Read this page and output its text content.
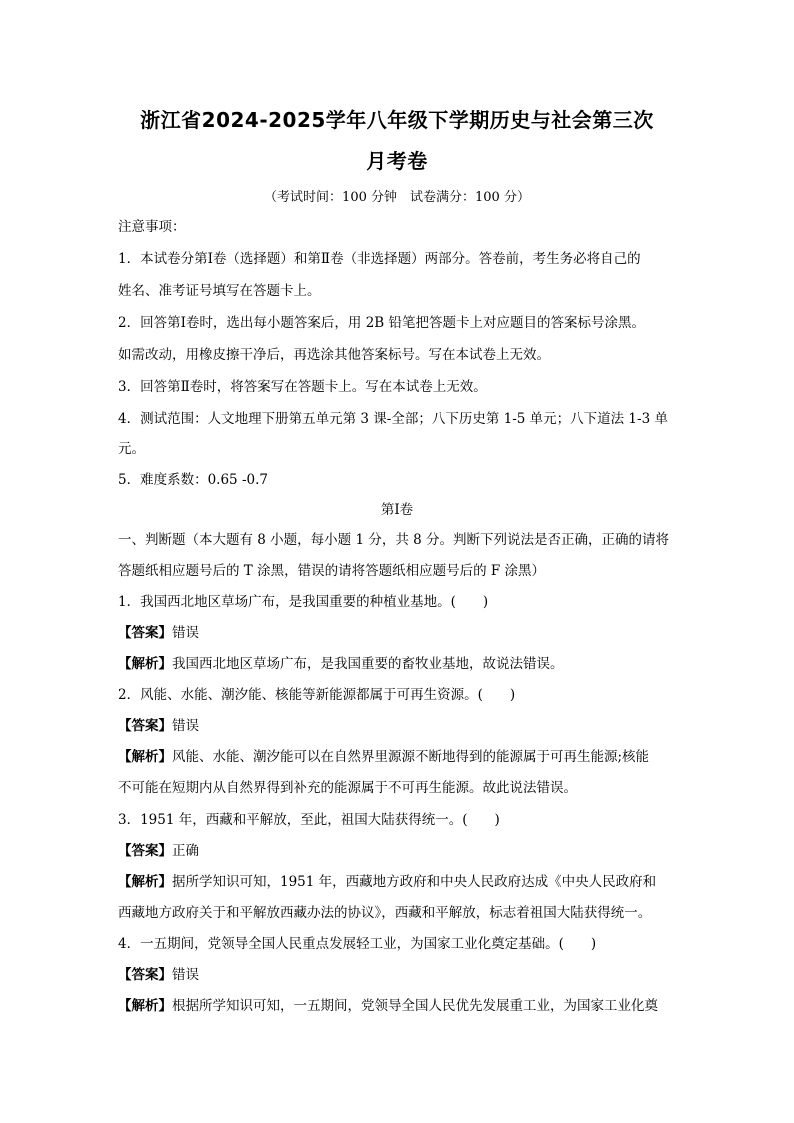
浙江省2024-2025学年八年级下学期历史与社会第三次
月考卷
（考试时间：100 分钟　试卷满分：100 分）
注意事项：
1．本试卷分第Ⅰ卷（选择题）和第Ⅱ卷（非选择题）两部分。答卷前，考生务必将自己的
姓名、准考证号填写在答题卡上。
2．回答第Ⅰ卷时，选出每小题答案后，用 2B 铅笔把答题卡上对应题目的答案标号涂黑。
如需改动，用橡皮擦干净后，再选涂其他答案标号。写在本试卷上无效。
3．回答第Ⅱ卷时，将答案写在答题卡上。写在本试卷上无效。
4．测试范围：人文地理下册第五单元第 3 课-全部；八下历史第 1-5 单元；八下道法 1-3 单
元。
5．难度系数：0.65 -0.7
第Ⅰ卷
一、判断题（本大题有 8 小题，每小题 1 分，共 8 分。判断下列说法是否正确，正确的请将
答题纸相应题号后的 T 涂黑，错误的请将答题纸相应题号后的 F 涂黑）
1．我国西北地区草场广布，是我国重要的种植业基地。(　　)
【答案】错误
【解析】我国西北地区草场广布，是我国重要的畜牧业基地，故说法错误。
2．风能、水能、潮汐能、核能等新能源都属于可再生资源。(　　)
【答案】错误
【解析】风能、水能、潮汐能可以在自然界里源源不断地得到的能源属于可再生能源;核能
不可能在短期内从自然界得到补充的能源属于不可再生能源。故此说法错误。
3．1951 年，西藏和平解放，至此，祖国大陆获得统一。(　　)
【答案】正确
【解析】据所学知识可知，1951 年，西藏地方政府和中央人民政府达成《中央人民政府和
西藏地方政府关于和平解放西藏办法的协议》，西藏和平解放，标志着祖国大陆获得统一。
4．一五期间，党领导全国人民重点发展轻工业，为国家工业化奠定基础。(　　)
【答案】错误
【解析】根据所学知识可知，一五期间，党领导全国人民优先发展重工业，为国家工业化奠
